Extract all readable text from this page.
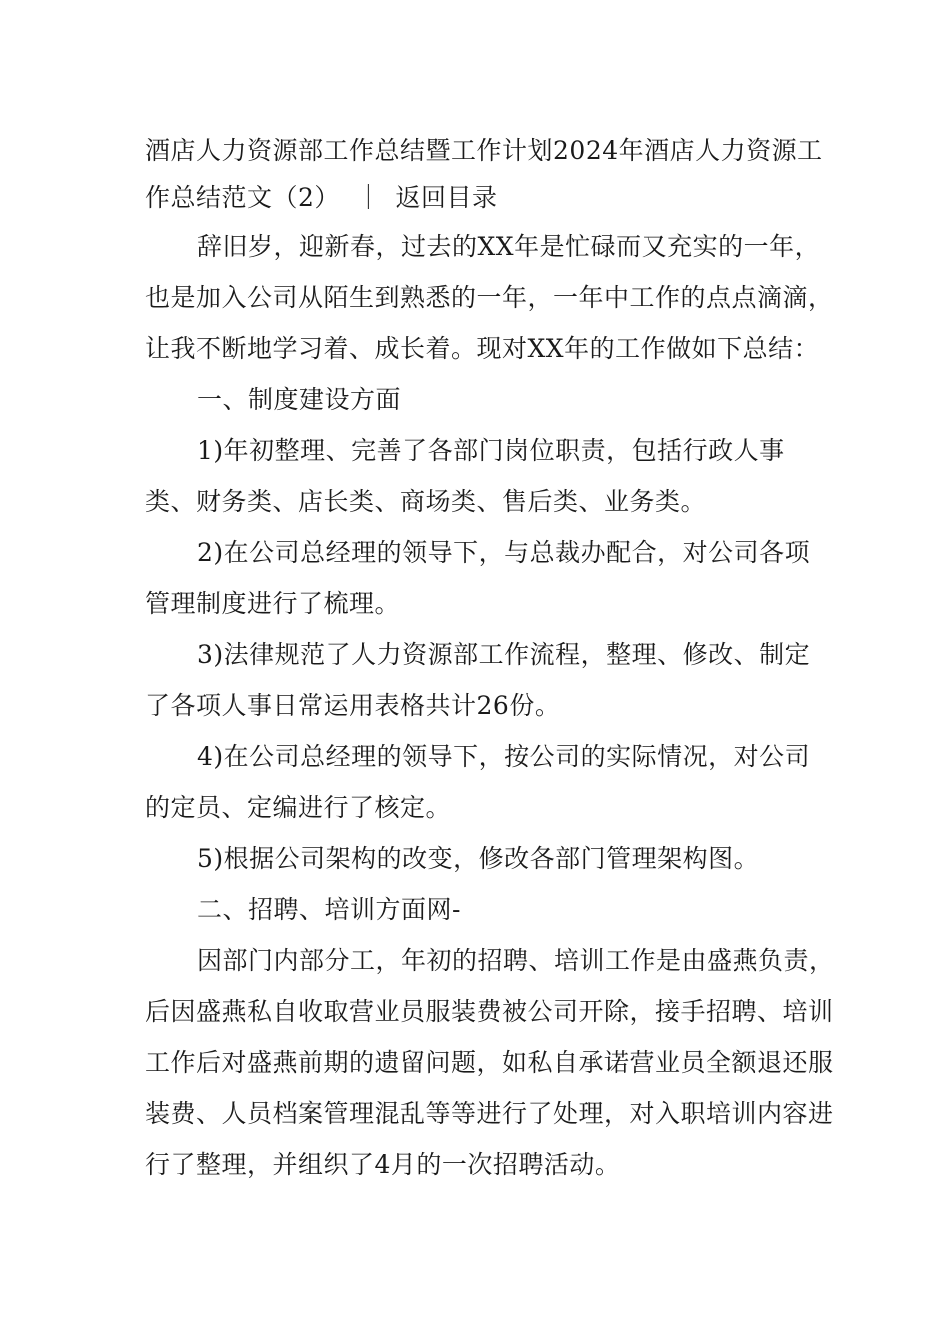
酒店人力资源部工作总结暨工作计划2024年酒店人力资源工作总结范文（2） ｜ 返回目录

辞旧岁，迎新春，过去的XX年是忙碌而又充实的一年，也是加入公司从陌生到熟悉的一年，一年中工作的点点滴滴，让我不断地学习着、成长着。现对XX年的工作做如下总结：

一、制度建设方面

1)年初整理、完善了各部门岗位职责，包括行政人事类、财务类、店长类、商场类、售后类、业务类。

2)在公司总经理的领导下，与总裁办配合，对公司各项管理制度进行了梳理。

3)法律规范了人力资源部工作流程，整理、修改、制定了各项人事日常运用表格共计26份。

4)在公司总经理的领导下，按公司的实际情况，对公司的定员、定编进行了核定。

5)根据公司架构的改变，修改各部门管理架构图。

二、招聘、培训方面网-

因部门内部分工，年初的招聘、培训工作是由盛燕负责，后因盛燕私自收取营业员服装费被公司开除，接手招聘、培训工作后对盛燕前期的遗留问题，如私自承诺营业员全额退还服装费、人员档案管理混乱等等进行了处理，对入职培训内容进行了整理，并组织了4月的一次招聘活动。
